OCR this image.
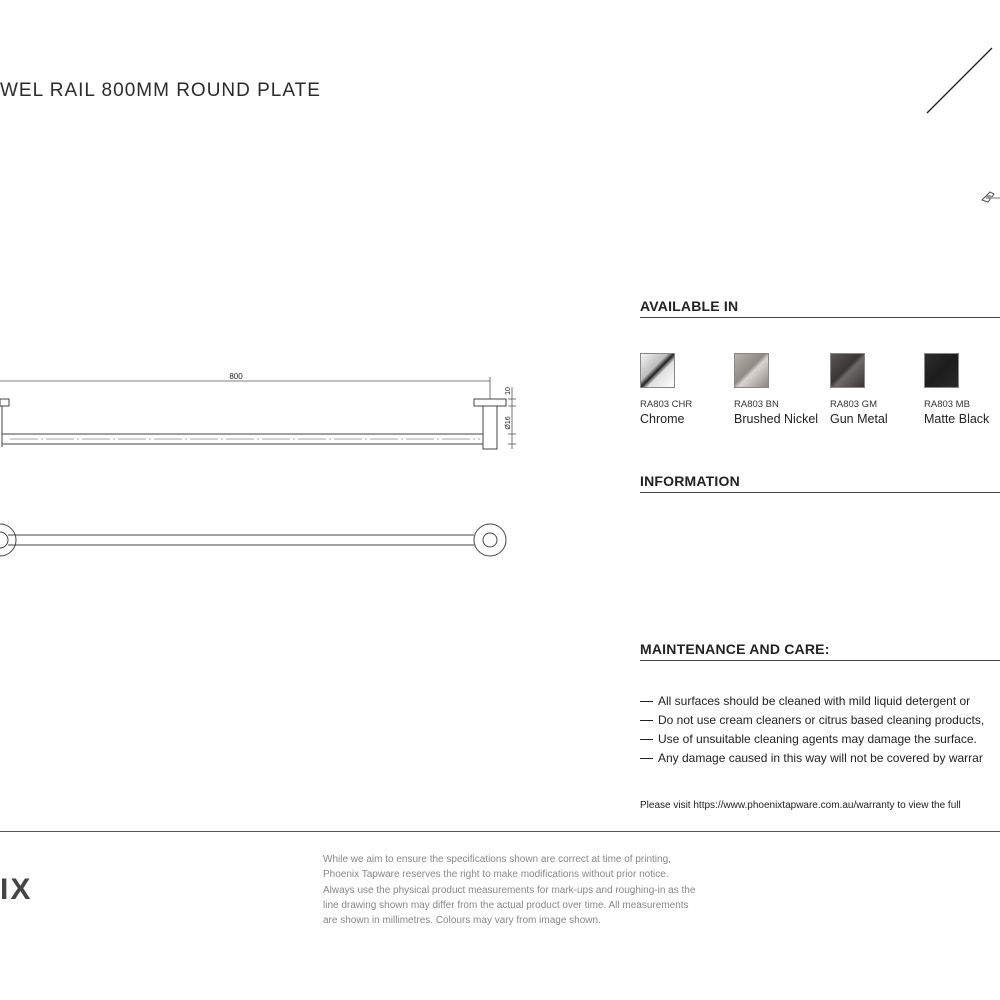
WEL RAIL 800MM ROUND PLATE
800
10
Ø16
AVAILABLE IN
RA803 CHR
Chrome
RA803 BN
Brushed Nickel
RA803 GM
Gun Metal
RA803 MB
Matte Black
INFORMATION
MAINTENANCE AND CARE:
All surfaces should be cleaned with mild liquid detergent or
Do not use cream cleaners or citrus based cleaning products,
Use of unsuitable cleaning agents may damage the surface.
Any damage caused in this way will not be covered by warrar
Please visit https://www.phoenixtapware.com.au/warranty to view the full
IX
While we aim to ensure the specifications shown are correct at time of printing,
Phoenix Tapware reserves the right to make modifications without prior notice.
Always use the physical product measurements for mark-ups and roughing-in as the
line drawing shown may differ from the actual product over time. All measurements
are shown in millimetres. Colours may vary from image shown.
